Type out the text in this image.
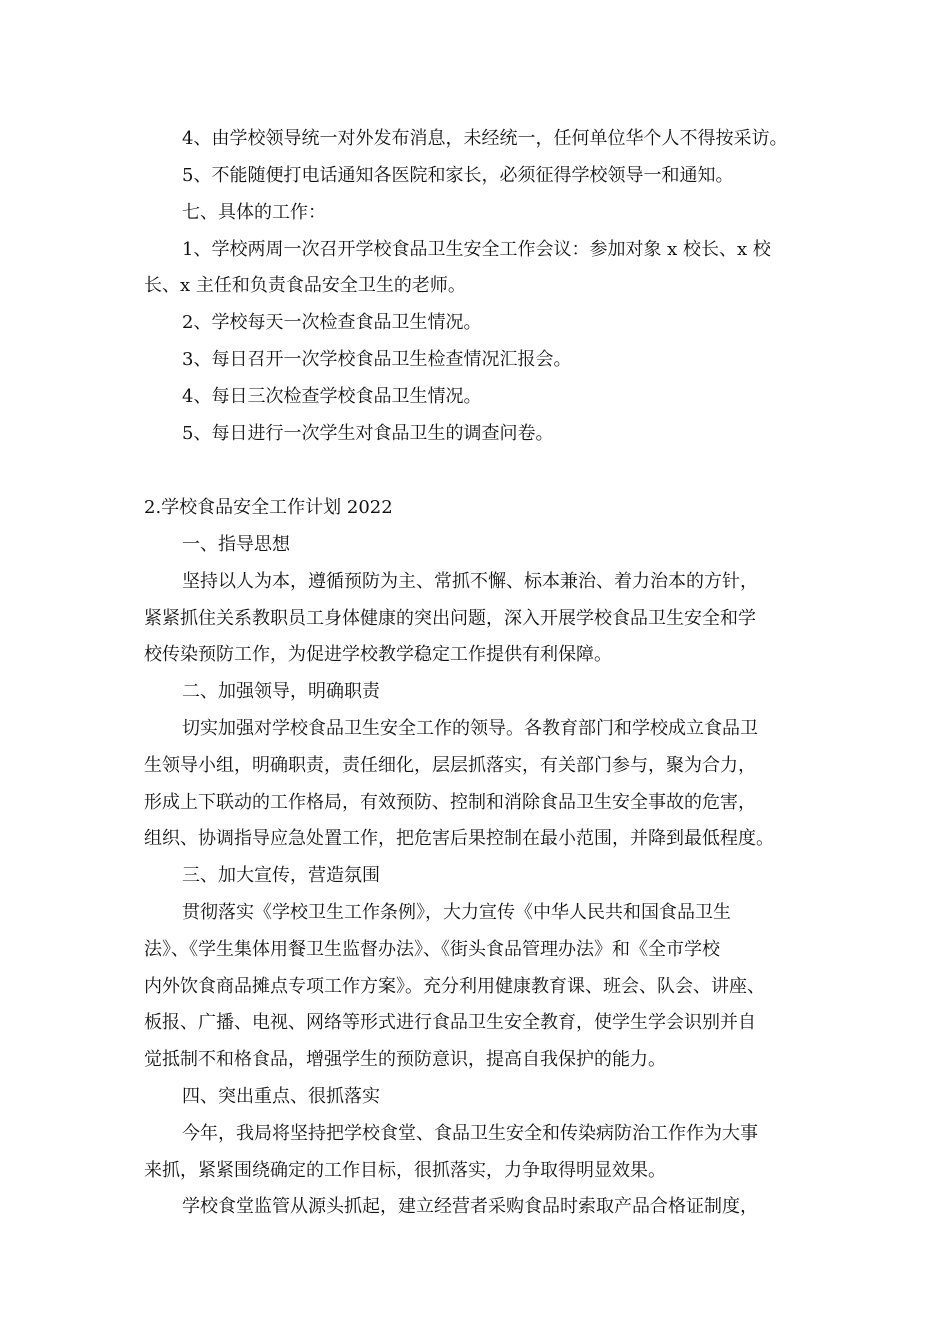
4、由学校领导统一对外发布消息，未经统一，任何单位华个人不得按采访。
5、不能随便打电话通知各医院和家长，必须征得学校领导一和通知。
七、具体的工作：
1、学校两周一次召开学校食品卫生安全工作会议：参加对象 x 校长、x 校
长、x 主任和负责食品安全卫生的老师。
2、学校每天一次检查食品卫生情况。
3、每日召开一次学校食品卫生检查情况汇报会。
4、每日三次检查学校食品卫生情况。
5、每日进行一次学生对食品卫生的调查问卷。
2.学校食品安全工作计划 2022
一、指导思想
坚持以人为本，遵循预防为主、常抓不懈、标本兼治、着力治本的方针，
紧紧抓住关系教职员工身体健康的突出问题，深入开展学校食品卫生安全和学
校传染预防工作，为促进学校教学稳定工作提供有利保障。
二、加强领导，明确职责
切实加强对学校食品卫生安全工作的领导。各教育部门和学校成立食品卫
生领导小组，明确职责，责任细化，层层抓落实，有关部门参与，聚为合力，
形成上下联动的工作格局，有效预防、控制和消除食品卫生安全事故的危害，
组织、协调指导应急处置工作，把危害后果控制在最小范围，并降到最低程度。
三、加大宣传，营造氛围
贯彻落实《学校卫生工作条例》，大力宣传《中华人民共和国食品卫生
法》、《学生集体用餐卫生监督办法》、《街头食品管理办法》和《全市学校
内外饮食商品摊点专项工作方案》。充分利用健康教育课、班会、队会、讲座、
板报、广播、电视、网络等形式进行食品卫生安全教育，使学生学会识别并自
觉抵制不和格食品，增强学生的预防意识，提高自我保护的能力。
四、突出重点、很抓落实
今年，我局将坚持把学校食堂、食品卫生安全和传染病防治工作作为大事
来抓，紧紧围绕确定的工作目标，很抓落实，力争取得明显效果。
学校食堂监管从源头抓起，建立经营者采购食品时索取产品合格证制度，
